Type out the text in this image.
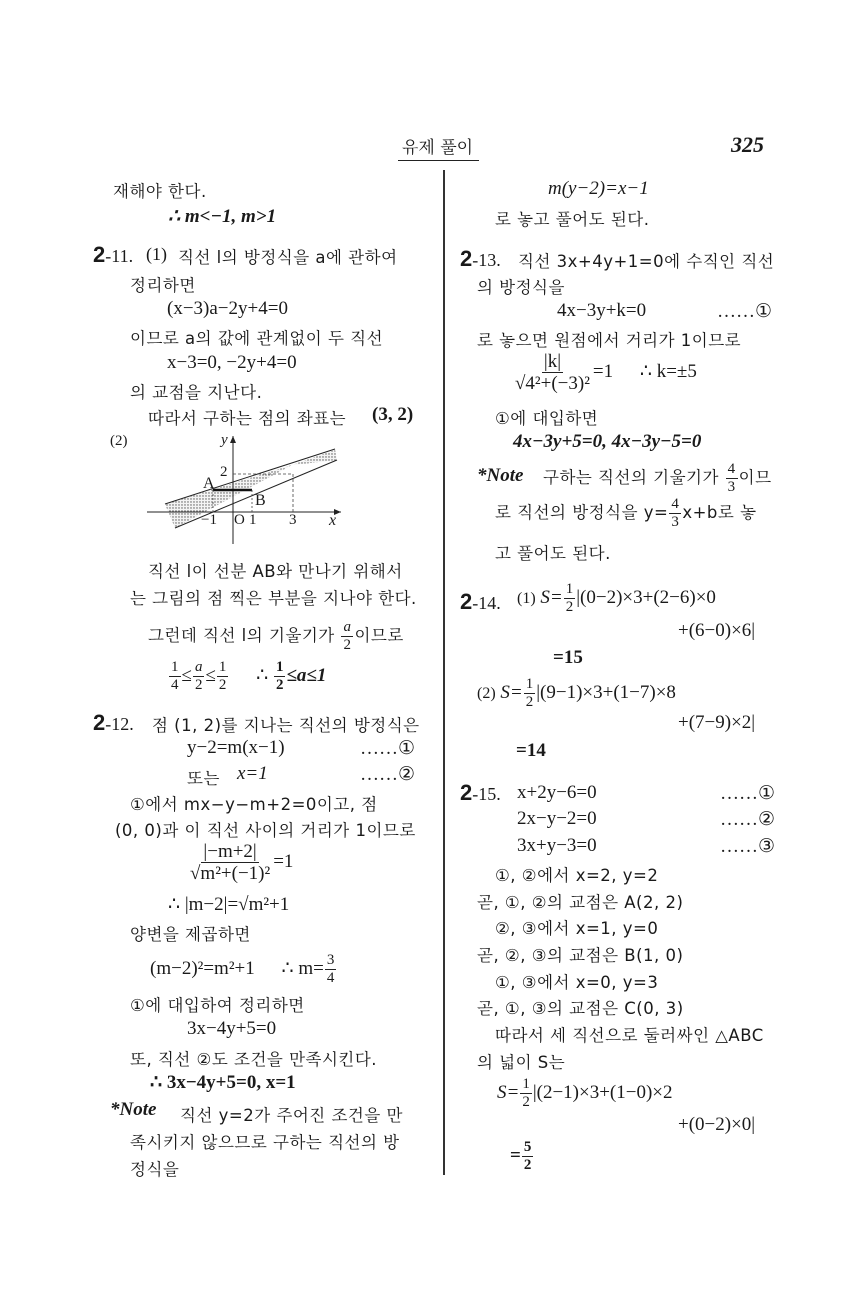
유제 풀이	325
재해야 한다.
∴ m<−1, m>1
2-11. (1) 직선 l의 방정식을 a에 관하여
정리하면
(x−3)a−2y+4=0
이므로 a의 값에 관계없이 두 직선
x−3=0, −2y+4=0
의 교점을 지난다.
따라서 구하는 점의 좌표는 (3, 2)
(2)	y
x
2
−1 O 1 3
A
B
직선 l이 선분 AB와 만나기 위해서
는 그림의 점 찍은 부분을 지나야 한다.
그런데 직선 l의 기울기가 $\frac{a}{2}$ 이므로
$\frac{1}{4} \le \frac{a}{2} \le \frac{1}{2}$ ∴ $\frac{1}{2} \le a\le 1$
2-12. 점 (1, 2)를 지나는 직선의 방정식은
y−2=m(x−1)	……①
또는 x=1	……②
①에서 mx−y−m+2=0이고, 점
(0, 0)과 이 직선 사이의 거리가 1이므로
$\frac{|-m+2|}{\text{√m²+(−1)²}} =1$
∴ |m−2|=√m²+1
양변을 제곱하면
(m−2)²=m²+1 ∴ $m= \frac{3}{4}$
①에 대입하여 정리하면
3x−4y+5=0
또, 직선 ②도 조건을 만족시킨다.
∴ 3x−4y+5=0, x=1
*Note 직선 y=2가 주어진 조건을 만
족시키지 않으므로 구하는 직선의 방
정식을
m(y−2)=x−1
로 놓고 풀어도 된다.
2-13. 직선 3x+4y+1=0에 수직인 직선
의 방정식을
4x−3y+k=0	……①
로 놓으면 원점에서 거리가 1이므로
$\frac{|k|}{\text{√4²+(−3)²}} =1$ ∴ k=±5
①에 대입하면
4x−3y+5=0, 4x−3y−5=0
*Note 구하는 직선의 기울기가 $\frac{4}{3}$ 이므
로 직선의 방정식을 $y= \frac{4}{3} x+b$로 놓
고 풀어도 된다.
2-14. (1) $S= \frac{1}{2} |(0-2)\times 3+(2-6)\times 0$
+(6−0)×6|
=15
(2) $S= \frac{1}{2} |(9-1)\times 3+(1-7)\times 8$
+(7−9)×2|
=14
2-15. x+2y−6=0	……①
2x−y−2=0	……②
3x+y−3=0	……③
①, ②에서 x=2, y=2
곧, ①, ②의 교점은 A(2, 2)
②, ③에서 x=1, y=0
곧, ②, ③의 교점은 B(1, 0)
①, ③에서 x=0, y=3
곧, ①, ③의 교점은 C(0, 3)
따라서 세 직선으로 둘러싸인 △ABC
의 넓이 S는
$S= \frac{1}{2} |(2-1)\times 3+(1-0)\times 2$
+(0−2)×0|
= $\frac{5}{2}$
